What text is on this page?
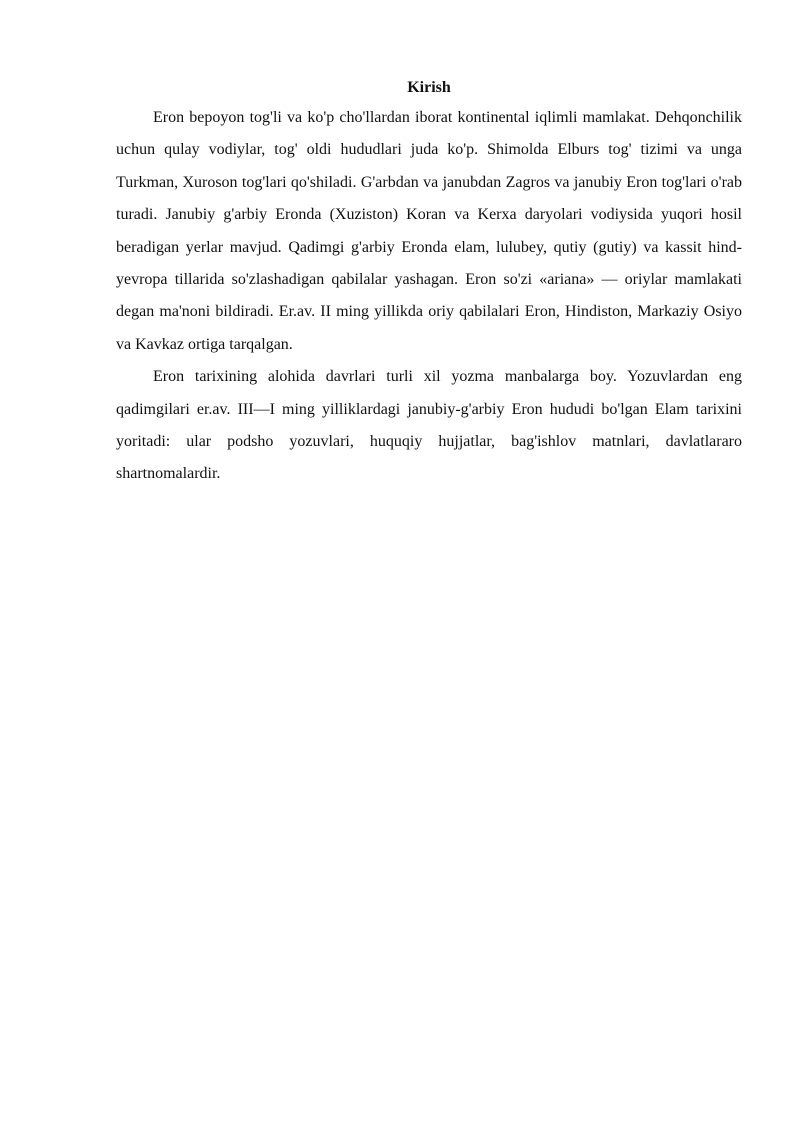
Kirish

Eron bepoyon tog'li va ko'p cho'llardan iborat kontinental iqlimli mamlakat. Dehqonchilik uchun qulay vodiylar, tog' oldi hududlari juda ko'p. Shimolda Elburs tog' tizimi va unga Turkman, Xuroson tog'lari qo'shiladi. G'arbdan va janubdan Zagros va janubiy Eron tog'lari o'rab turadi. Janubiy g'arbiy Eronda (Xuziston) Koran va Kerxa daryolari vodiysida yuqori hosil beradigan yerlar mavjud. Qadimgi g'arbiy Eronda elam, lulubey, qutiy (gutiy) va kassit hind-yevropa tillarida so'zlashadigan qabilalar yashagan. Eron so'zi «ariana» — oriylar mamlakati degan ma'noni bildiradi. Er.av. II ming yillikda oriy qabilalari Eron, Hindiston, Markaziy Osiyo va Kavkaz ortiga tarqalgan.

Eron tarixining alohida davrlari turli xil yozma manbalarga boy. Yozuvlardan eng qadimgilari er.av. III—I ming yilliklardagi janubiy-g'arbiy Eron hududi bo'lgan Elam tarixini yoritadi: ular podsho yozuvlari, huquqiy hujjatlar, bag'ishlov matnlari, davlatlararo shartnomalardir.
